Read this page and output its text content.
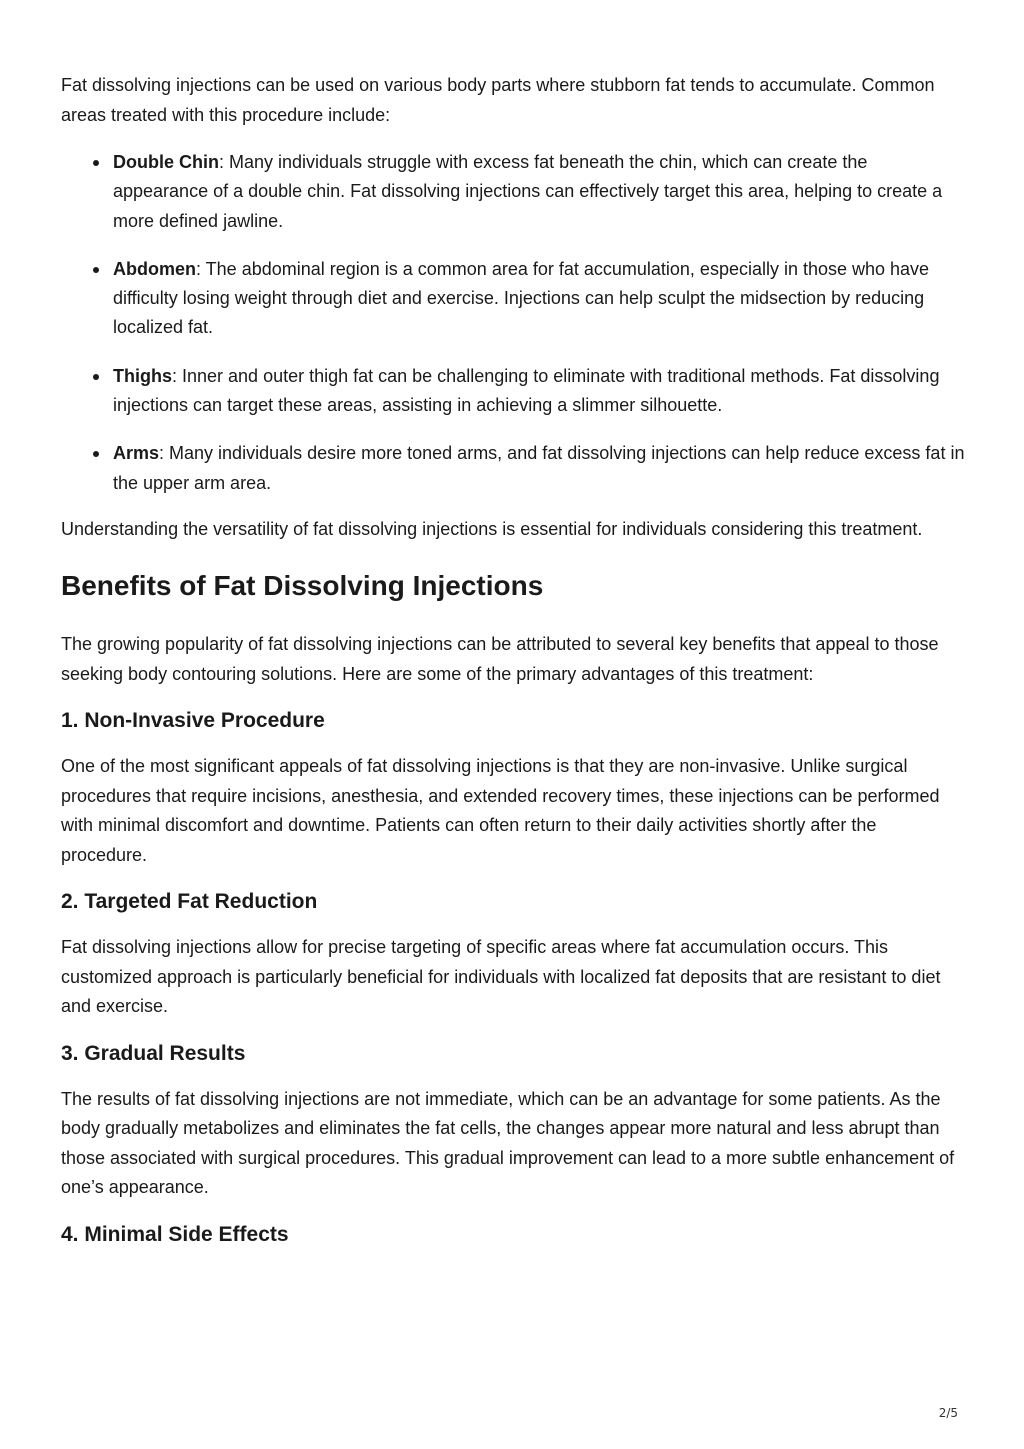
Fat dissolving injections can be used on various body parts where stubborn fat tends to accumulate. Common areas treated with this procedure include:

Double Chin: Many individuals struggle with excess fat beneath the chin, which can create the appearance of a double chin. Fat dissolving injections can effectively target this area, helping to create a more defined jawline.
Abdomen: The abdominal region is a common area for fat accumulation, especially in those who have difficulty losing weight through diet and exercise. Injections can help sculpt the midsection by reducing localized fat.
Thighs: Inner and outer thigh fat can be challenging to eliminate with traditional methods. Fat dissolving injections can target these areas, assisting in achieving a slimmer silhouette.
Arms: Many individuals desire more toned arms, and fat dissolving injections can help reduce excess fat in the upper arm area.

Understanding the versatility of fat dissolving injections is essential for individuals considering this treatment.

Benefits of Fat Dissolving Injections

The growing popularity of fat dissolving injections can be attributed to several key benefits that appeal to those seeking body contouring solutions. Here are some of the primary advantages of this treatment:

1. Non-Invasive Procedure

One of the most significant appeals of fat dissolving injections is that they are non-invasive. Unlike surgical procedures that require incisions, anesthesia, and extended recovery times, these injections can be performed with minimal discomfort and downtime. Patients can often return to their daily activities shortly after the procedure.

2. Targeted Fat Reduction

Fat dissolving injections allow for precise targeting of specific areas where fat accumulation occurs. This customized approach is particularly beneficial for individuals with localized fat deposits that are resistant to diet and exercise.

3. Gradual Results

The results of fat dissolving injections are not immediate, which can be an advantage for some patients. As the body gradually metabolizes and eliminates the fat cells, the changes appear more natural and less abrupt than those associated with surgical procedures. This gradual improvement can lead to a more subtle enhancement of one’s appearance.

4. Minimal Side Effects
2/5
